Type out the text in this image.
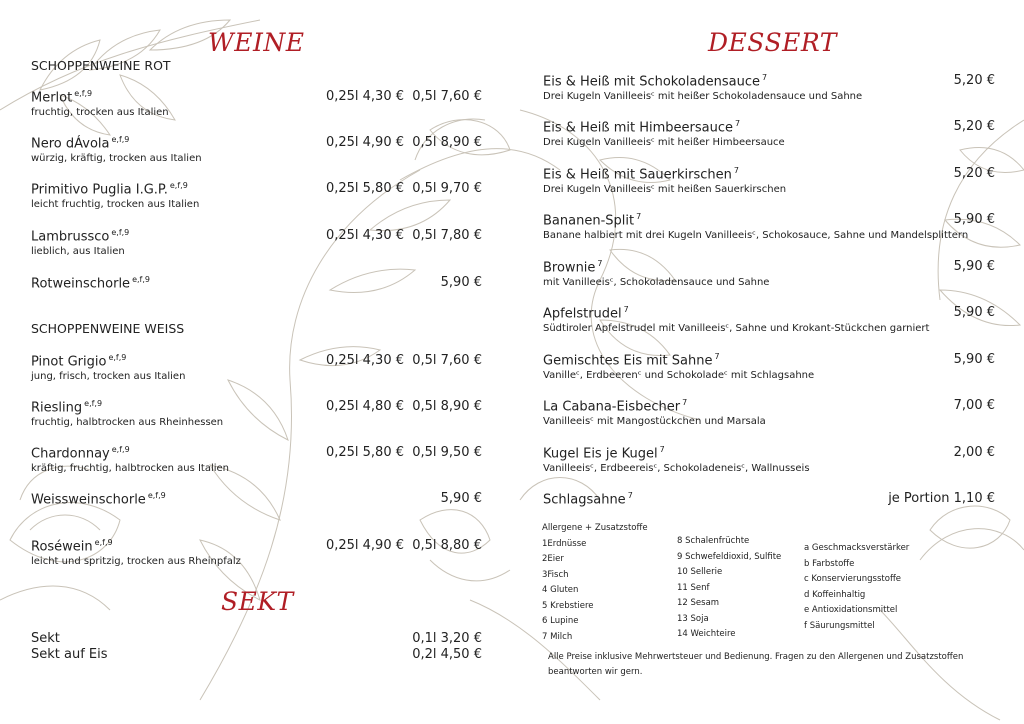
WEINE
SCHOPPENWEINE ROT
Merlot $^{e,f,9}$
fruchtig, trocken aus Italien
0,25l 4,30 € 0,5l 7,60 €
Nero dÁvola $^{e,f,9}$
würzig, kräftig, trocken aus Italien
0,25l 4,90 € 0,5l 8,90 €
Primitivo Puglia I.G.P. $^{e,f,9}$
leicht fruchtig, trocken aus Italien
0,25l 5,80 € 0,5l 9,70 €
Lambrussco $^{e,f,9}$
lieblich, aus Italien
0,25l 4,30 € 0,5l 7,80 €
Rotweinschorle $^{e,f,9}$	5,90 €
SCHOPPENWEINE WEISS
Pinot Grigio $^{e,f,9}$
jung, frisch, trocken aus Italien
0,25l 4,30 € 0,5l 7,60 €
Riesling $^{e,f,9}$
fruchtig, halbtrocken aus Rheinhessen
0,25l 4,80 € 0,5l 8,90 €
Chardonnay $^{e,f,9}$
kräftig, fruchtig, halbtrocken aus Italien
0,25l 5,80 € 0,5l 9,50 €
Weissweinschorle $^{e,f,9}$	5,90 €
Roséwein $^{e,f,9}$
leicht und spritzig, trocken aus Rheinpfalz
0,25l 4,90 € 0,5l 8,80 €
SEKT
Sekt	0,1l 3,20 €
Sekt auf Eis	0,2l 4,50 €
DESSERT
Eis & Heiß mit Schokoladensauce $^7$
Drei Kugeln Vanilleeisᶜ mit heißer Schokoladensauce und Sahne
5,20 €
Eis & Heiß mit Himbeersauce $^7$
Drei Kugeln Vanilleeisᶜ mit heißer Himbeersauce
5,20 €
Eis & Heiß mit Sauerkirschen $^7$
Drei Kugeln Vanilleeisᶜ mit heißen Sauerkirschen
5,20 €
Bananen-Split $^7$
Banane halbiert mit drei Kugeln Vanilleeisᶜ, Schokosauce, Sahne und Mandelsplittern
5,90 €
Brownie $^7$
mit Vanilleeisᶜ, Schokoladensauce und Sahne
5,90 €
Apfelstrudel $^7$
Südtiroler Apfelstrudel mit Vanilleeisᶜ, Sahne und Krokant-Stückchen garniert
5,90 €
Gemischtes Eis mit Sahne $^7$
Vanilleᶜ, Erdbeerenᶜ und Schokoladeᶜ mit Schlagsahne
5,90 €
La Cabana-Eisbecher $^7$
Vanilleeisᶜ mit Mangostückchen und Marsala
7,00 €
Kugel Eis je Kugel $^7$
Vanilleeisᶜ, Erdbeereisᶜ, Schokoladeneisᶜ, Wallnusseis
2,00 €
Schlagsahne $^7$	je Portion 1,10 €
Allergene + Zusatzstoffe
1Erdnüsse
2Eier
3Fisch
4 Gluten
5 Krebstiere
6 Lupine
7 Milch
8 Schalenfrüchte
9 Schwefeldioxid, Sulfite
10 Sellerie
11 Senf
12 Sesam
13 Soja
14 Weichteire
a Geschmacksverstärker
b Farbstoffe
c Konservierungsstoffe
d Koffeinhaltig
e Antioxidationsmittel
f Säurungsmittel
Alle Preise inklusive Mehrwertsteuer und Bedienung. Fragen zu den Allergenen und Zusatzstoffen beantworten wir gern.
